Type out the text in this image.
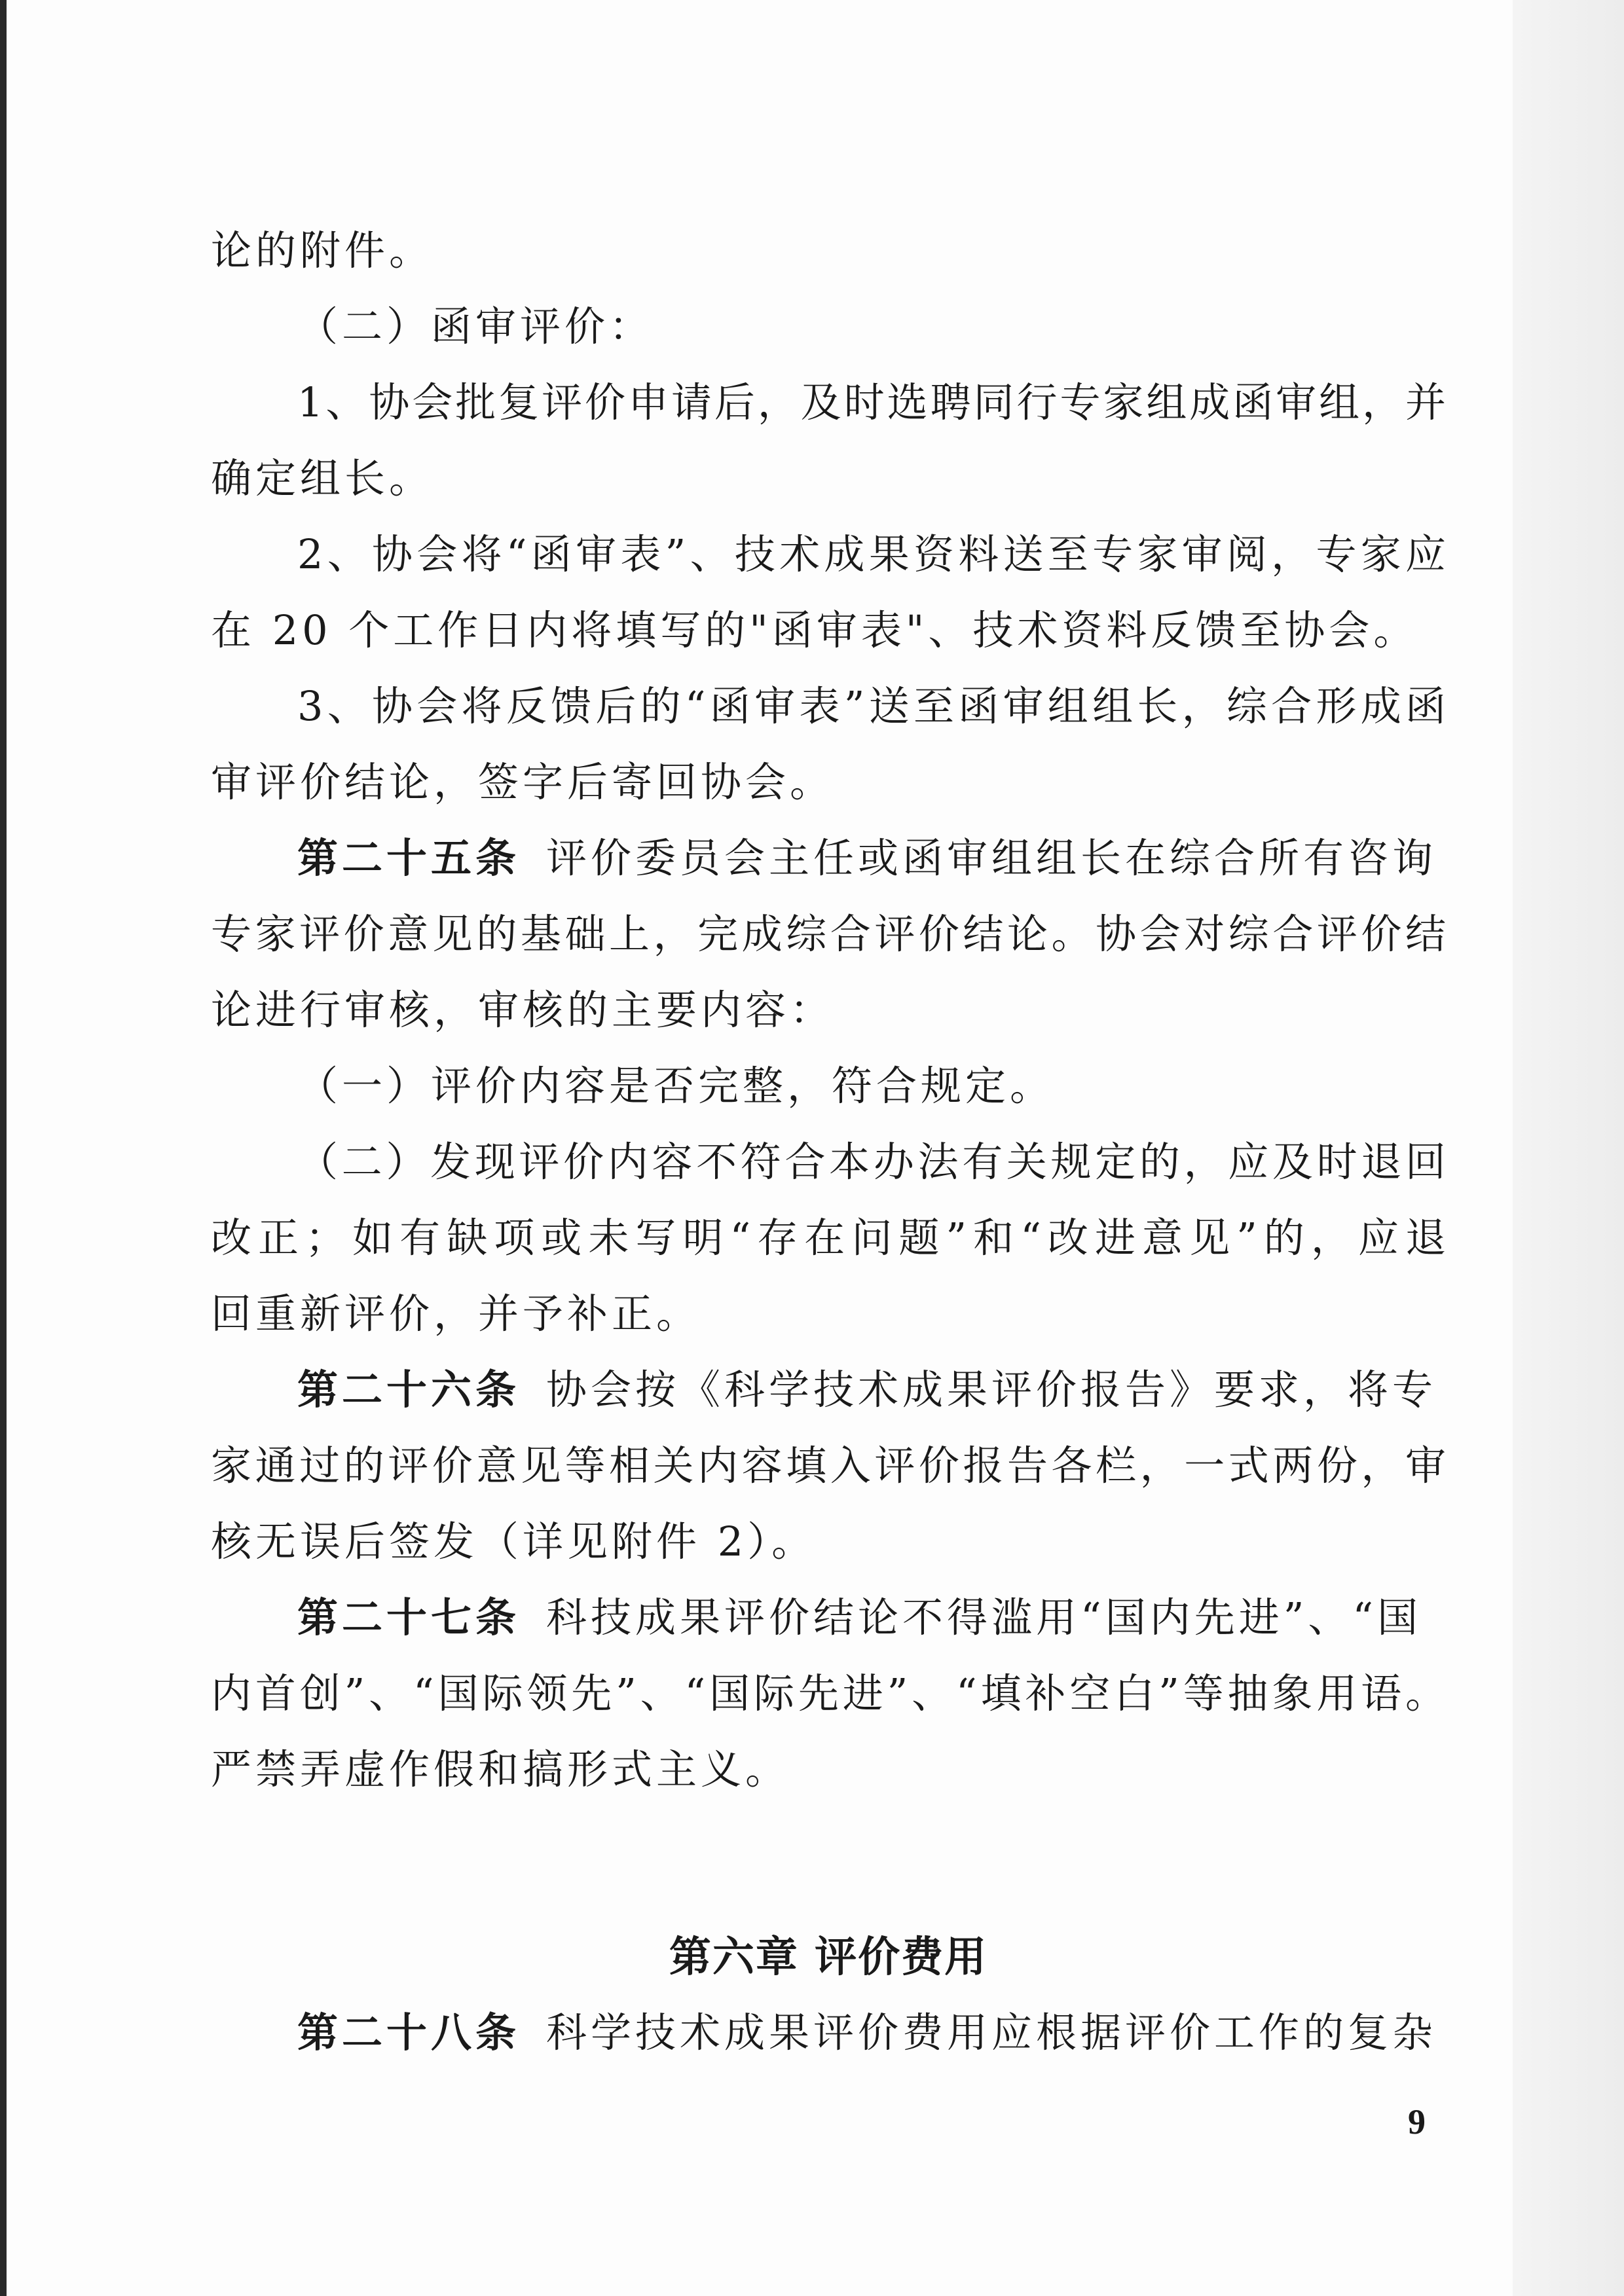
论的附件。
（二）函审评价：
1、协会批复评价申请后，及时选聘同行专家组成函审组，并
确定组长。
2、协会将“函审表”、技术成果资料送至专家审阅，专家应
在 20 个工作日内将填写的"函审表"、技术资料反馈至协会。
3、协会将反馈后的“函审表”送至函审组组长，综合形成函
审评价结论，签字后寄回协会。
第二十五条 评价委员会主任或函审组组长在综合所有咨询
专家评价意见的基础上，完成综合评价结论。协会对综合评价结
论进行审核，审核的主要内容：
（一）评价内容是否完整，符合规定。
（二）发现评价内容不符合本办法有关规定的，应及时退回
改正；如有缺项或未写明“存在问题”和“改进意见”的，应退
回重新评价，并予补正。
第二十六条 协会按《科学技术成果评价报告》要求，将专
家通过的评价意见等相关内容填入评价报告各栏，一式两份，审
核无误后签发（详见附件 2）。
第二十七条 科技成果评价结论不得滥用“国内先进”、“国
内首创”、“国际领先”、“国际先进”、“填补空白”等抽象用语。
严禁弄虚作假和搞形式主义。
第六章 评价费用
第二十八条 科学技术成果评价费用应根据评价工作的复杂
9
